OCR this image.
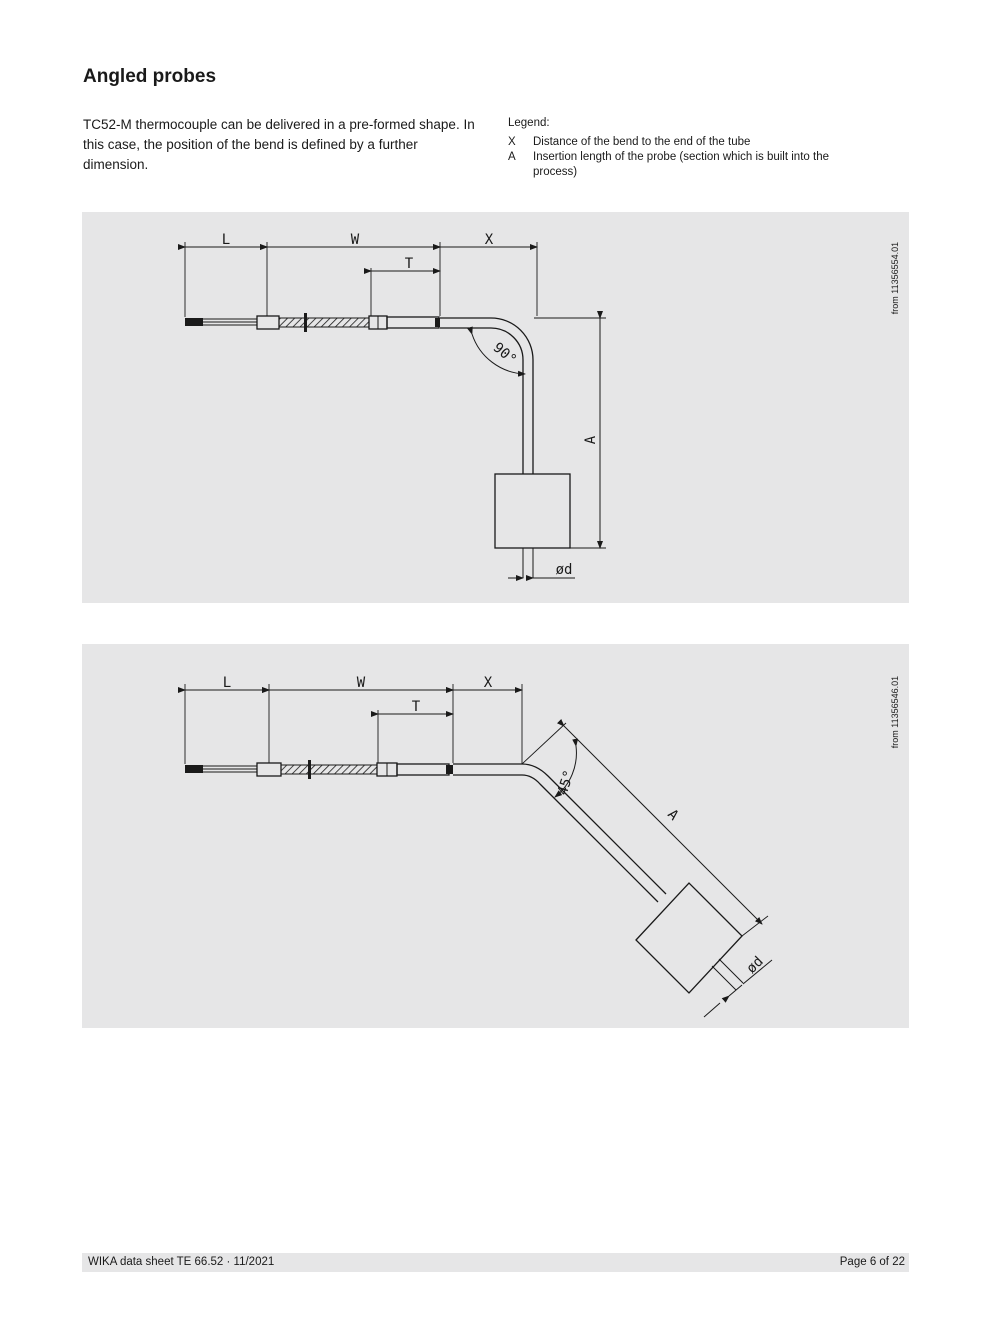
Angled probes

TC52-M thermocouple can be delivered in a pre-formed shape. In this case, the position of the bend is defined by a further dimension.

Legend:
X	Distance of the bend to the end of the tube
A	Insertion length of the probe (section which is built into the process)
L	W	X
T
A
90°
ød
from 11356554.01
L	W	X
T
A
45°
ød
from 11356546.01
WIKA data sheet TE 66.52 · 11/2021	Page 6 of 22
